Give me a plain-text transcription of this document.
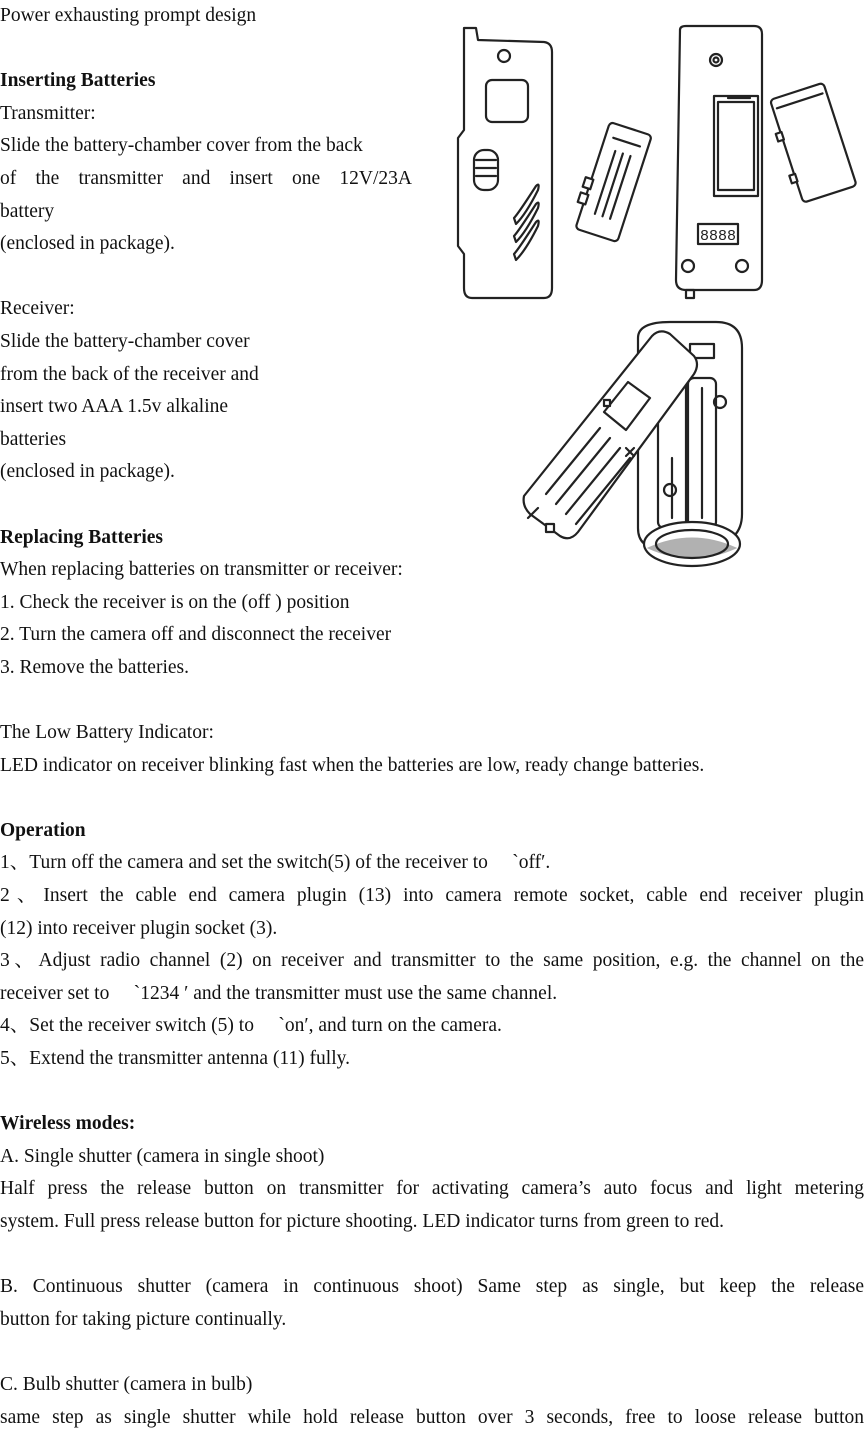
Power exhausting prompt design
Inserting Batteries
Transmitter:
Slide the battery-chamber cover from the back
of the transmitter and insert one 12V/23A
battery
(enclosed in package).
Receiver:
Slide the battery-chamber cover
from the back of the receiver and
insert two AAA 1.5v alkaline
batteries
(enclosed in package).
Replacing Batteries
When replacing batteries on transmitter or receiver:
1. Check the receiver is on the (off ) position
2. Turn the camera off and disconnect the receiver
3. Remove the batteries.
The Low Battery Indicator:
LED indicator on receiver blinking fast when the batteries are low, ready change batteries.
Operation
1、Turn off the camera and set the switch(5) of the receiver to 　ˋoff′.
2、Insert the cable end camera plugin (13) into camera remote socket, cable end receiver plugin
(12) into receiver plugin socket (3).
3、Adjust radio channel (2) on receiver and transmitter to the same position, e.g. the channel on the
receiver set to 　ˋ1234 ′ and the transmitter must use the same channel.
4、Set the receiver switch (5) to 　ˋon′, and turn on the camera.
5、Extend the transmitter antenna (11) fully.
Wireless modes:
A. Single shutter (camera in single shoot)
Half press the release button on transmitter for activating camera’s auto focus and light metering
system. Full press release button for picture shooting. LED indicator turns from green to red.
B. Continuous shutter (camera in continuous shoot) Same step as single, but keep the release
button for taking picture continually.
C. Bulb shutter (camera in bulb)
same step as single shutter while hold release button over 3 seconds, free to loose release button
8888
